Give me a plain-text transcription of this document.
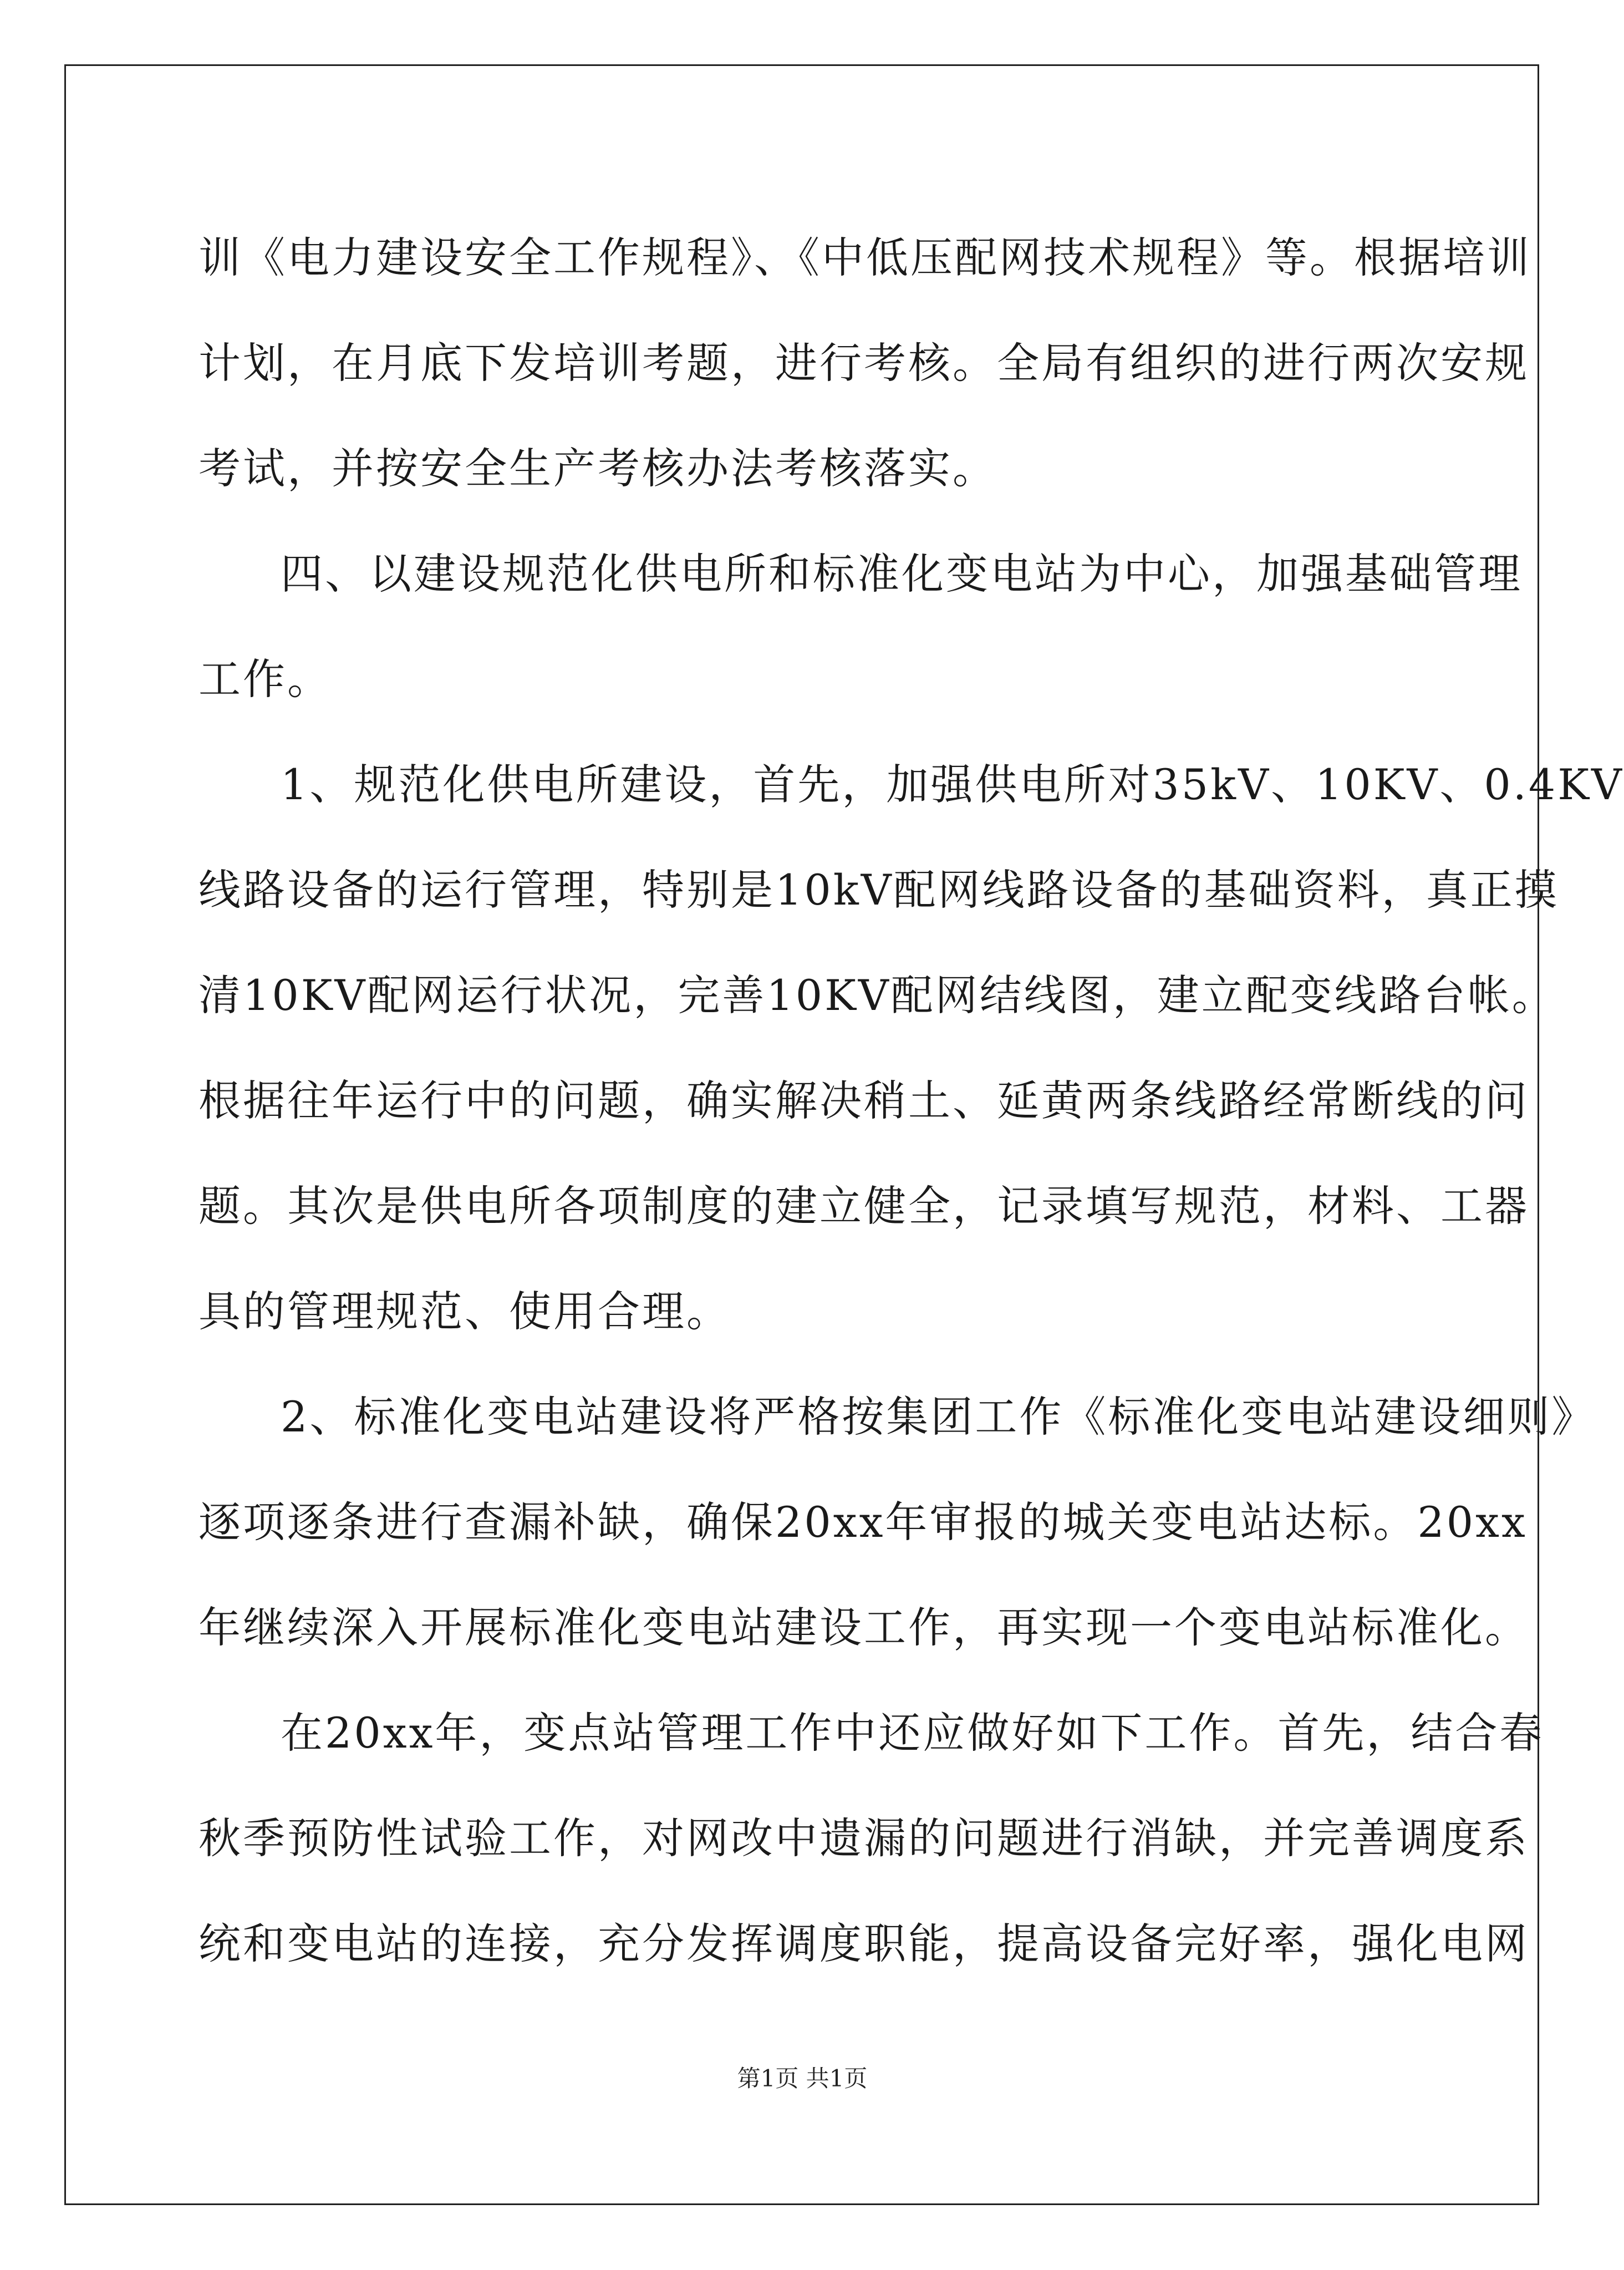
训《电力建设安全工作规程》、《中低压配网技术规程》等。根据培训
计划，在月底下发培训考题，进行考核。全局有组织的进行两次安规
考试，并按安全生产考核办法考核落实。
四、以建设规范化供电所和标准化变电站为中心，加强基础管理
工作。
1、规范化供电所建设，首先，加强供电所对35kV、10KV、0.4KV
线路设备的运行管理，特别是10kV配网线路设备的基础资料，真正摸
清10KV配网运行状况，完善10KV配网结线图，建立配变线路台帐。
根据往年运行中的问题，确实解决稍土、延黄两条线路经常断线的问
题。其次是供电所各项制度的建立健全，记录填写规范，材料、工器
具的管理规范、使用合理。
2、标准化变电站建设将严格按集团工作《标准化变电站建设细则》
逐项逐条进行查漏补缺，确保20xx年审报的城关变电站达标。20xx
年继续深入开展标准化变电站建设工作，再实现一个变电站标准化。
在20xx年，变点站管理工作中还应做好如下工作。首先，结合春
秋季预防性试验工作，对网改中遗漏的问题进行消缺，并完善调度系
统和变电站的连接，充分发挥调度职能，提高设备完好率，强化电网
第1页 共1页
